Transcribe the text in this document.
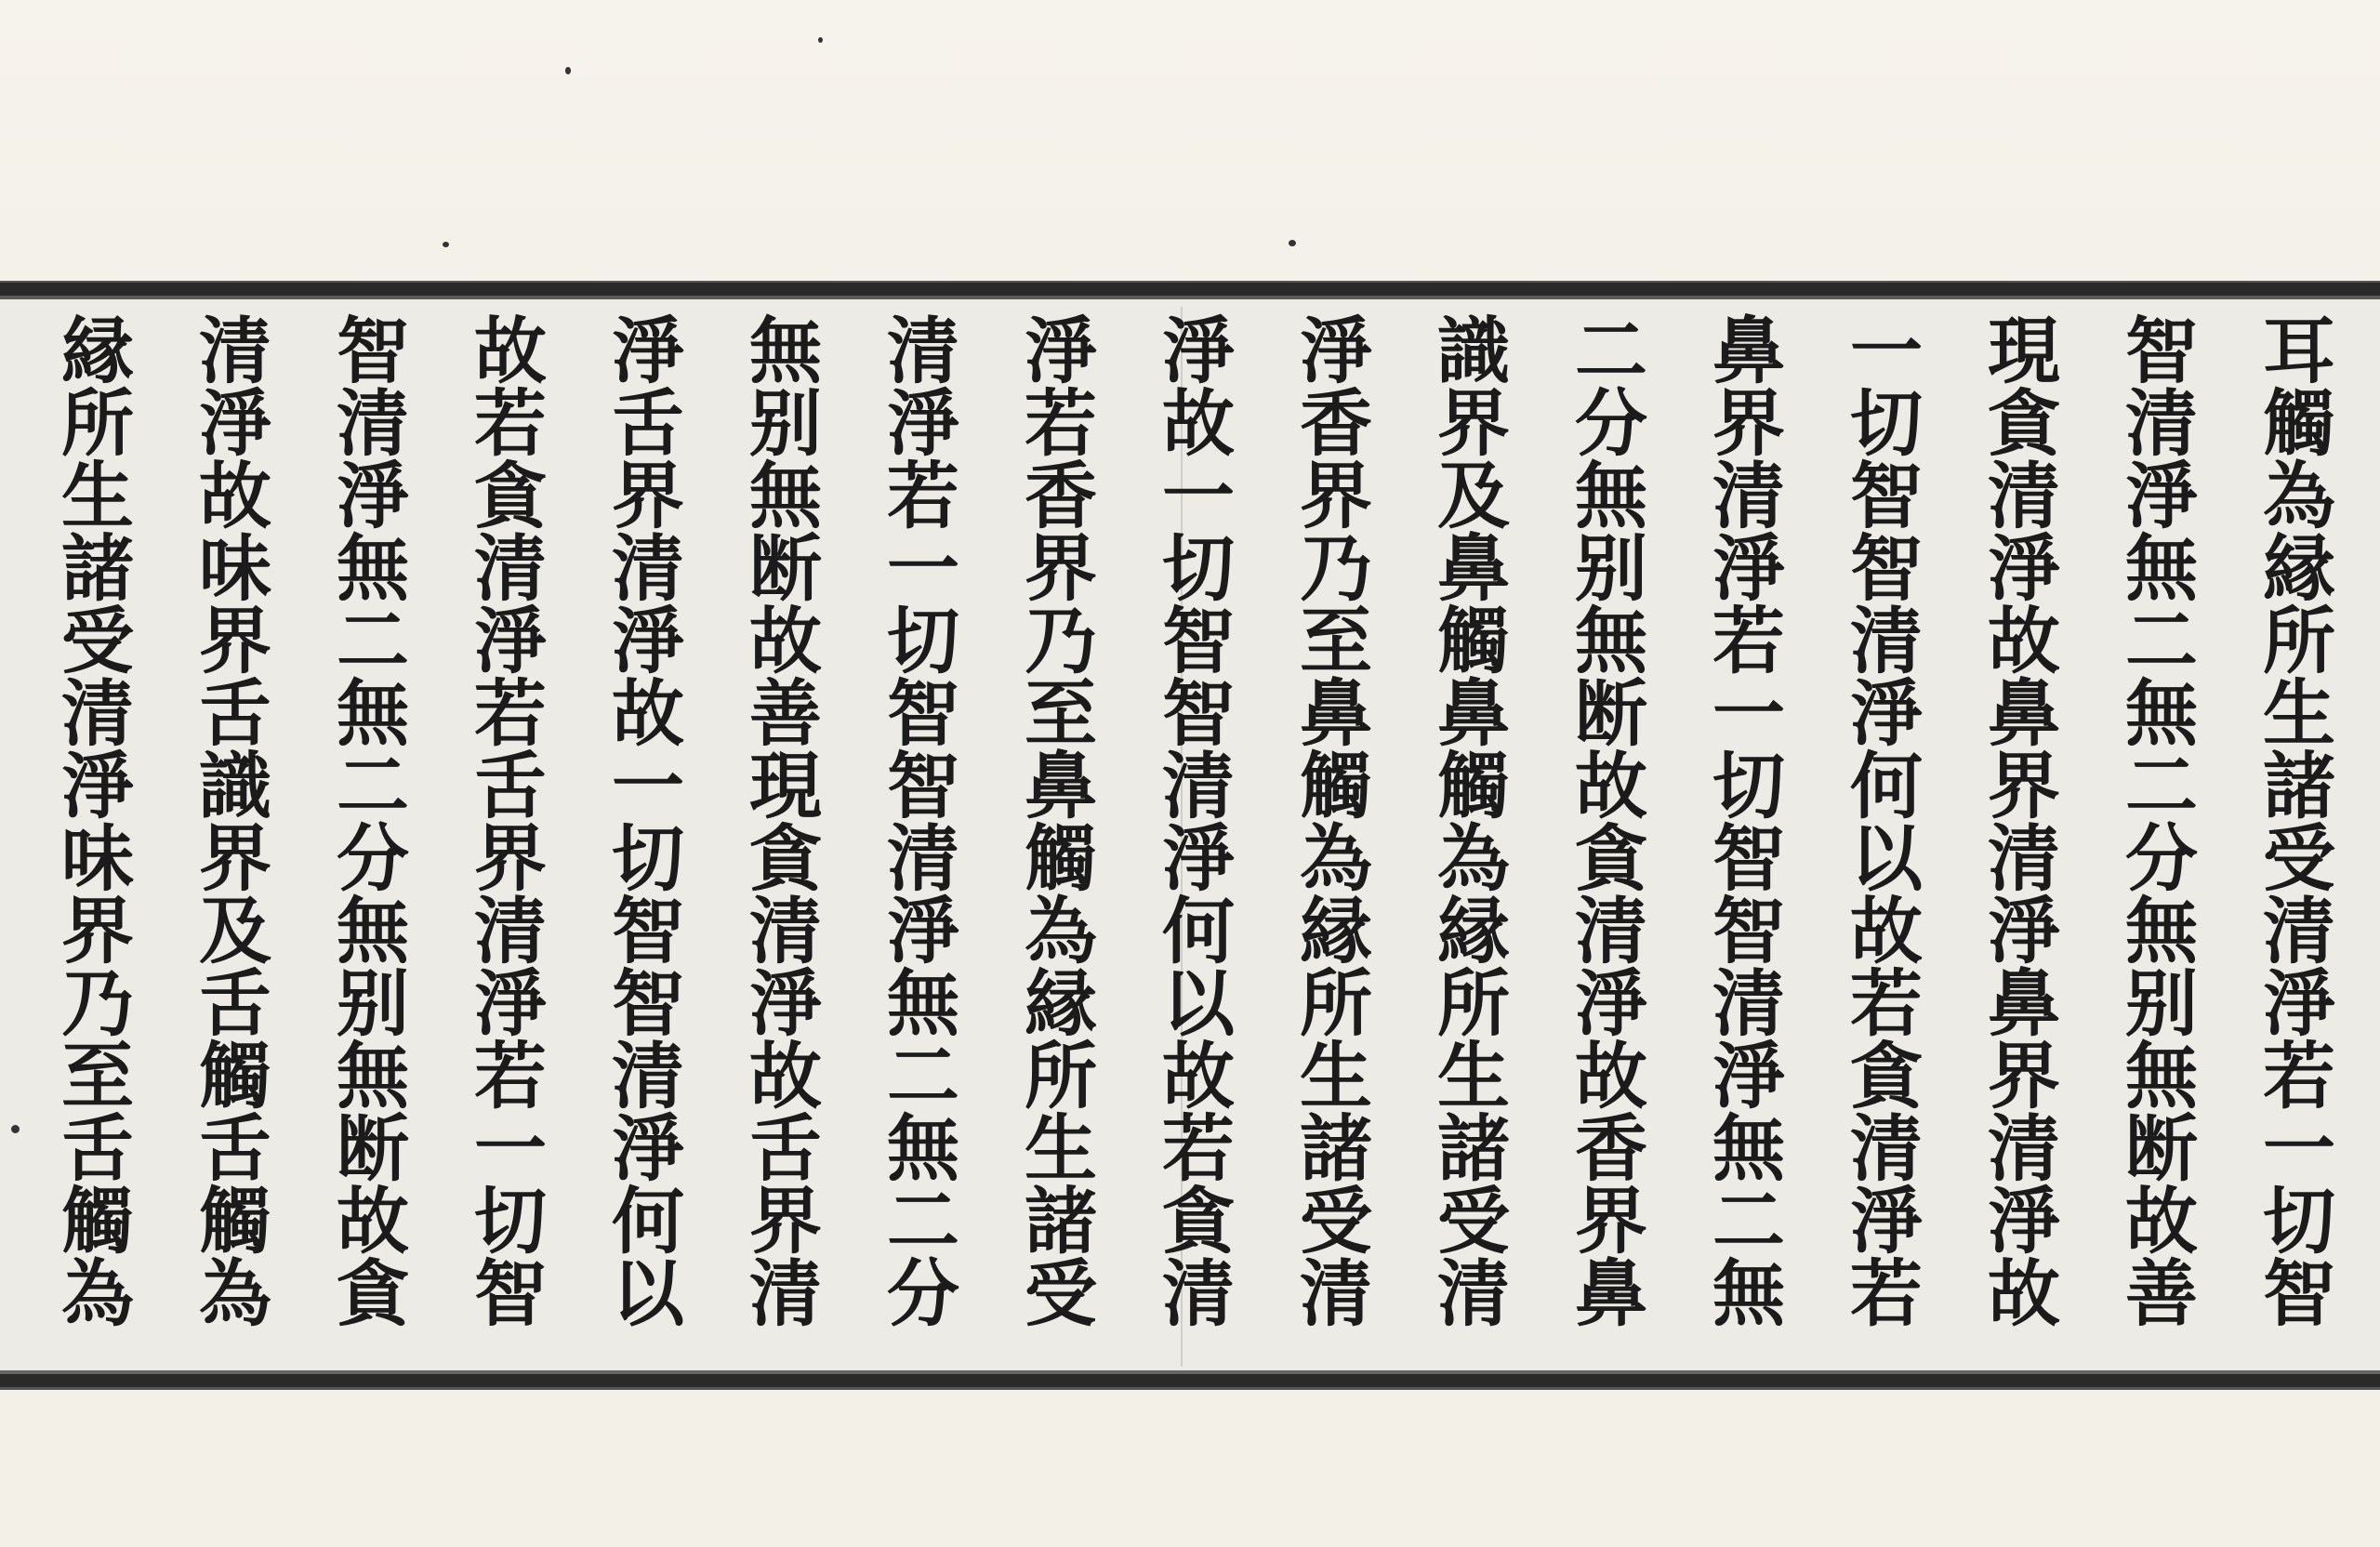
耳觸為縁所生諸受清淨若一切智
智清淨無二無二分無别無断故善
現貪清淨故鼻界清淨鼻界清淨故
一切智智清淨何以故若貪清淨若
鼻界清淨若一切智智清淨無二無
二分無别無断故貪清淨故香界鼻
識界及鼻觸鼻觸為縁所生諸受清
淨香界乃至鼻觸為縁所生諸受清
淨故一切智智清淨何以故若貪清
淨若香界乃至鼻觸為縁所生諸受
清淨若一切智智清淨無二無二分
無别無断故善現貪清淨故舌界清
淨舌界清淨故一切智智清淨何以
故若貪清淨若舌界清淨若一切智
智清淨無二無二分無别無断故貪
清淨故味界舌識界及舌觸舌觸為
縁所生諸受清淨味界乃至舌觸為
